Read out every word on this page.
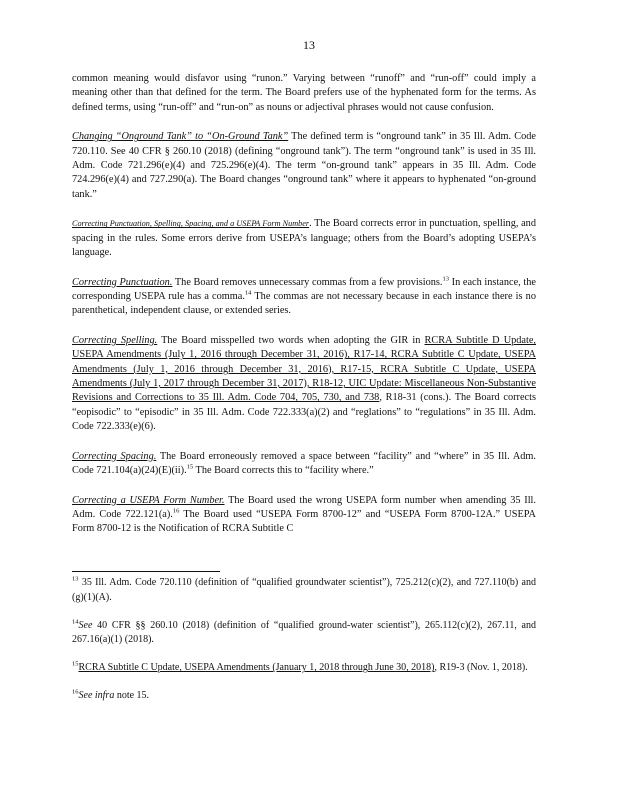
13

common meaning would disfavor using “runon.” Varying between “runoff” and “run-off” could imply a meaning other than that defined for the term. The Board prefers use of the hyphenated form for the terms. As defined terms, using “run-off” and “run-on” as nouns or adjectival phrases would not cause confusion.

Changing “Onground Tank” to “On-Ground Tank” The defined term is “onground tank” in 35 Ill. Adm. Code 720.110. See 40 CFR § 260.10 (2018) (defining “onground tank”). The term “onground tank” is used in 35 Ill. Adm. Code 721.296(e)(4) and 725.296(e)(4). The term “on-ground tank” appears in 35 Ill. Adm. Code 724.296(e)(4) and 727.290(a). The Board changes “onground tank” where it appears to hyphenated “on-ground tank.”

Correcting Punctuation, Spelling, Spacing, and a USEPA Form Number. The Board corrects error in punctuation, spelling, and spacing in the rules. Some errors derive from USEPA’s language; others from the Board’s adopting USEPA’s language.

Correcting Punctuation. The Board removes unnecessary commas from a few provisions.$^{13}$ In each instance, the corresponding USEPA rule has a comma.$^{14}$ The commas are not necessary because in each instance there is no parenthetical, independent clause, or extended series.

Correcting Spelling. The Board misspelled two words when adopting the GIR in RCRA Subtitle D Update, USEPA Amendments (July 1, 2016 through December 31, 2016), R17-14, RCRA Subtitle C Update, USEPA Amendments (July 1, 2016 through December 31, 2016), R17-15, RCRA Subtitle C Update, USEPA Amendments (July 1, 2017 through December 31, 2017), R18-12, UIC Update: Miscellaneous Non-Substantive Revisions and Corrections to 35 Ill. Adm. Code 704, 705, 730, and 738, R18-31 (cons.). The Board corrects “eopisodic” to “episodic” in 35 Ill. Adm. Code 722.333(a)(2) and “reglations” to “regulations” in 35 Ill. Adm. Code 722.333(e)(6).

Correcting Spacing. The Board erroneously removed a space between “facility” and “where” in 35 Ill. Adm. Code 721.104(a)(24)(E)(ii).$^{15}$ The Board corrects this to “facility where.”

Correcting a USEPA Form Number. The Board used the wrong USEPA form number when amending 35 Ill. Adm. Code 722.121(a).$^{16}$ The Board used “USEPA Form 8700-12” and “USEPA Form 8700-12A.” USEPA Form 8700-12 is the Notification of RCRA Subtitle C

$^{13}$ 35 Ill. Adm. Code 720.110 (definition of “qualified groundwater scientist”), 725.212(c)(2), and 727.110(b) and (g)(1)(A).

$^{14}$See 40 CFR §§ 260.10 (2018) (definition of “qualified ground-water scientist”), 265.112(c)(2), 267.11, and 267.16(a)(1) (2018).

$^{15}$RCRA Subtitle C Update, USEPA Amendments (January 1, 2018 through June 30, 2018), R19-3 (Nov. 1, 2018).

$^{16}$See infra note 15.
